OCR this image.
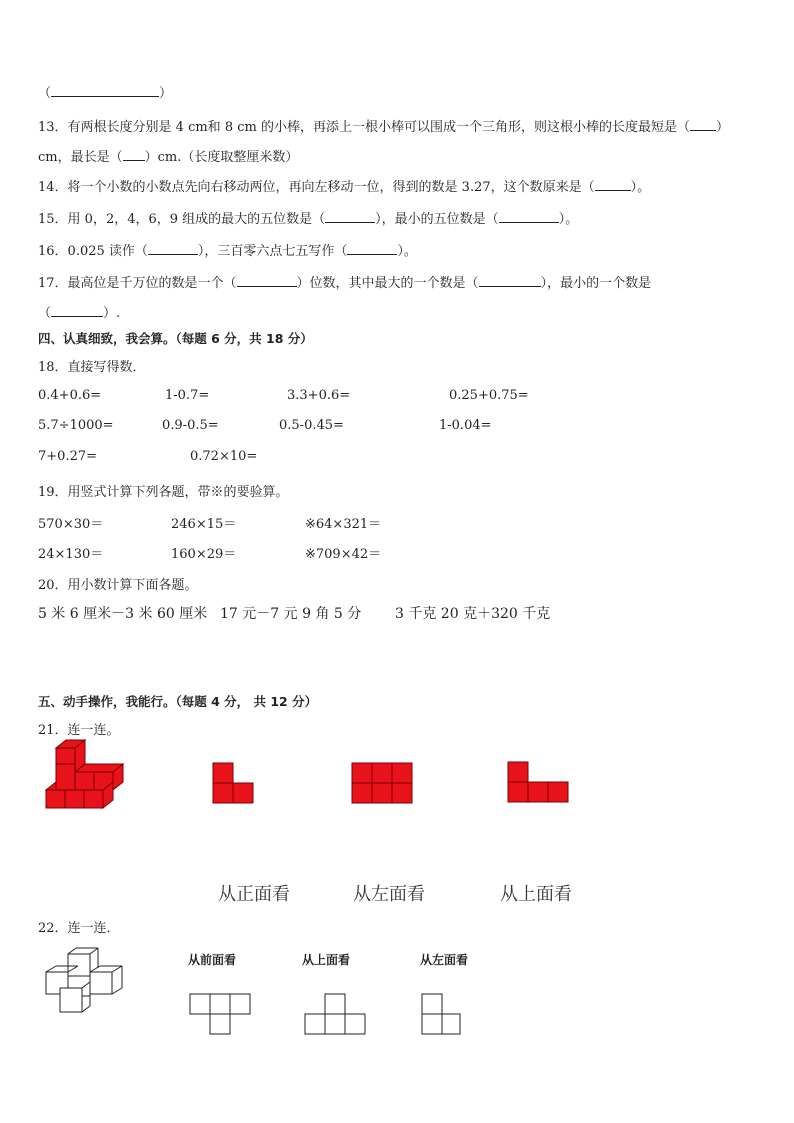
（	）
13．有两根长度分别是 4 cm和 8 cm 的小棒，再添上一根小棒可以围成一个三角形，则这根小棒的长度最短是（ ）
cm，最长是（ ）cm.（长度取整厘米数）
14．将一个小数的小数点先向右移动两位，再向左移动一位，得到的数是 3.27，这个数原来是（	）。
15．用 0，2，4，6，9 组成的最大的五位数是（	），最小的五位数是（	）。
16．0.025 读作（	），三百零六点七五写作（	）。
17．最高位是千万位的数是一个（	）位数，其中最大的一个数是（	），最小的一个数是
（	）.
四、认真细致，我会算。（每题 6 分，共 18 分）
18．直接写得数．
0.4+0.6=	1-0.7=	3.3+0.6=	0.25+0.75=
5.7÷1000=	0.9-0.5=	0.5-0.45=	1-0.04=
7+0.27=	0.72×10=
19．用竖式计算下列各题，带※的要验算。
570×30＝	246×15＝	※64×321＝
24×130＝	160×29＝	※709×42＝
20．用小数计算下面各题。
5 米 6 厘米－3 米 60 厘米 17 元－7 元 9 角 5 分 3 千克 20 克＋320 千克
五、动手操作，我能行。（每题 4 分， 共 12 分）
21．连一连。
从正面看	从左面看	从上面看
22．连一连．
从前面看	从上面看	从左面看
